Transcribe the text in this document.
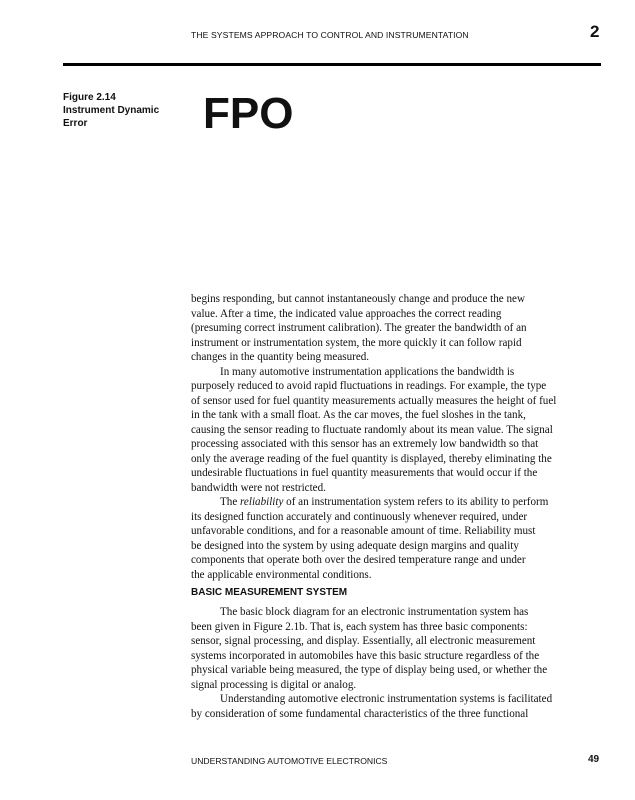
THE SYSTEMS APPROACH TO CONTROL AND INSTRUMENTATION	2
Figure 2.14
Instrument Dynamic
Error	FPO
begins responding, but cannot instantaneously change and produce the new
value. After a time, the indicated value approaches the correct reading
(presuming correct instrument calibration). The greater the bandwidth of an
instrument or instrumentation system, the more quickly it can follow rapid
changes in the quantity being measured.
In many automotive instrumentation applications the bandwidth is
purposely reduced to avoid rapid fluctuations in readings. For example, the type
of sensor used for fuel quantity measurements actually measures the height of fuel
in the tank with a small float. As the car moves, the fuel sloshes in the tank,
causing the sensor reading to fluctuate randomly about its mean value. The signal
processing associated with this sensor has an extremely low bandwidth so that
only the average reading of the fuel quantity is displayed, thereby eliminating the
undesirable fluctuations in fuel quantity measurements that would occur if the
bandwidth were not restricted.
The reliability of an instrumentation system refers to its ability to perform
its designed function accurately and continuously whenever required, under
unfavorable conditions, and for a reasonable amount of time. Reliability must
be designed into the system by using adequate design margins and quality
components that operate both over the desired temperature range and under
the applicable environmental conditions.
BASIC MEASUREMENT SYSTEM
The basic block diagram for an electronic instrumentation system has
been given in Figure 2.1b. That is, each system has three basic components:
sensor, signal processing, and display. Essentially, all electronic measurement
systems incorporated in automobiles have this basic structure regardless of the
physical variable being measured, the type of display being used, or whether the
signal processing is digital or analog.
Understanding automotive electronic instrumentation systems is facilitated
by consideration of some fundamental characteristics of the three functional
UNDERSTANDING AUTOMOTIVE ELECTRONICS	49
